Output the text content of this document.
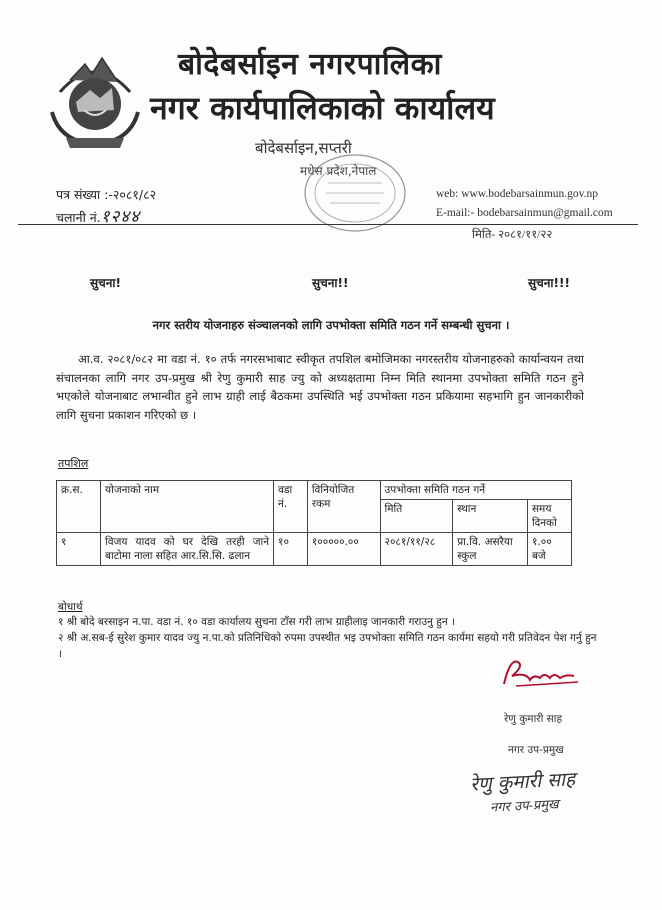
बोदेबर्साइन नगरपालिका
नगर कार्यपालिकाको कार्यालय
बोदेबर्साइन,सप्तरी
मधेस प्रदेश,नेपाल
पत्र संख्या :-२०८१/८२
चलानी नं.१२४४
web: www.bodebarsainmun.gov.np
E-mail:- bodebarsainmun@gmail.com
मिति- २०८१/११/२२
सुचना!	सुचना!!	सुचना!!!
नगर स्तरीय योजनाहरु संञ्चालनको लागि उपभोक्ता समिति गठन गर्ने सम्बन्धी सुचना ।
आ.व. २०८१/०८२ मा वडा नं. १० तर्फ नगरसभाबाट स्वीकृत तपशिल बमोजिमका नगरस्तरीय योजनाहरुको कार्यान्वयन तथा संचालनका लागि नगर उप-प्रमुख श्री रेणु कुमारी साह ज्यु को अध्यक्षतामा निम्न मिति स्थानमा उपभोक्ता समिति गठन हुने भएकोले योजनाबाट लभान्वीत हुने लाभ ग्राही लाई बैठकमा उपस्थिति भई उपभोक्ता गठन प्रकियामा सहभागि हुन जानकारीको लागि सुचना प्रकाशन गरिएको छ ।
तपशिल
क्र.स.	योजनाको नाम	वडा नं.	विनियोजित रकम	उपभोक्ता समिति गठन गर्ने		
				मिति	स्थान	समय दिनको
१	विजय यादव को घर देखि तरही जाने बाटोमा नाला सहित आर.सि.सि. ढलान	१०	१०००००.००	२०८१/११/२८	प्रा.वि. असरैया स्कुल	१.०० बजे
बोधार्थ
१ श्री बोदे बरसाइन न.पा. वडा नं. १० वडा कार्यालय सुचना टाँस गरी लाभ ग्राहीलाइ जानकारी गराउनु हुन ।
२ श्री अ.सब-ई सुरेश कुमार यादव ज्यु न.पा.को प्रतिनिधिको रुपमा उपस्थीत भइ उपभोक्ता समिति गठन कार्यमा सहयो गरी प्रतिवेदन पेश गर्नु हुन ।
रेणु कुमारी साह
नगर उप-प्रमुख
रेणु कुमारी साह
नगर उप-प्रमुख
